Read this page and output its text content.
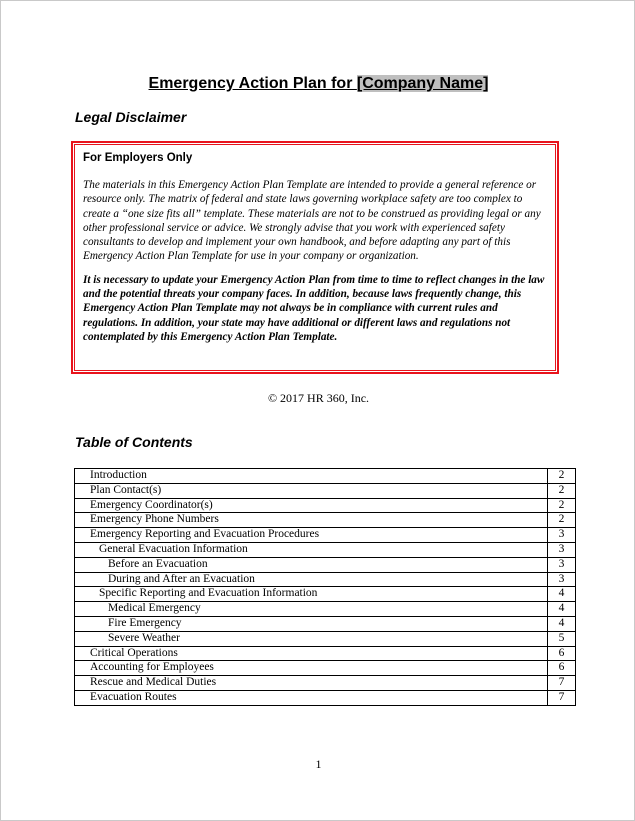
Emergency Action Plan for [Company Name]
Legal Disclaimer
For Employers Only

The materials in this Emergency Action Plan Template are intended to provide a general reference or resource only. The matrix of federal and state laws governing workplace safety are too complex to create a “one size fits all” template. These materials are not to be construed as providing legal or any other professional service or advice. We strongly advise that you work with experienced safety consultants to develop and implement your own handbook, and before adapting any part of this Emergency Action Plan Template for use in your company or organization.

It is necessary to update your Emergency Action Plan from time to time to reflect changes in the law and the potential threats your company faces. In addition, because laws frequently change, this Emergency Action Plan Template may not always be in compliance with current rules and regulations. In addition, your state may have additional or different laws and regulations not contemplated by this Emergency Action Plan Template.

© 2017 HR 360, Inc.
Table of Contents
Introduction	2
Plan Contact(s)	2
Emergency Coordinator(s)	2
Emergency Phone Numbers	2
Emergency Reporting and Evacuation Procedures	3
General Evacuation Information	3
Before an Evacuation	3
During and After an Evacuation	3
Specific Reporting and Evacuation Information	4
Medical Emergency	4
Fire Emergency	4
Severe Weather	5
Critical Operations	6
Accounting for Employees	6
Rescue and Medical Duties	7
Evacuation Routes	7
1
